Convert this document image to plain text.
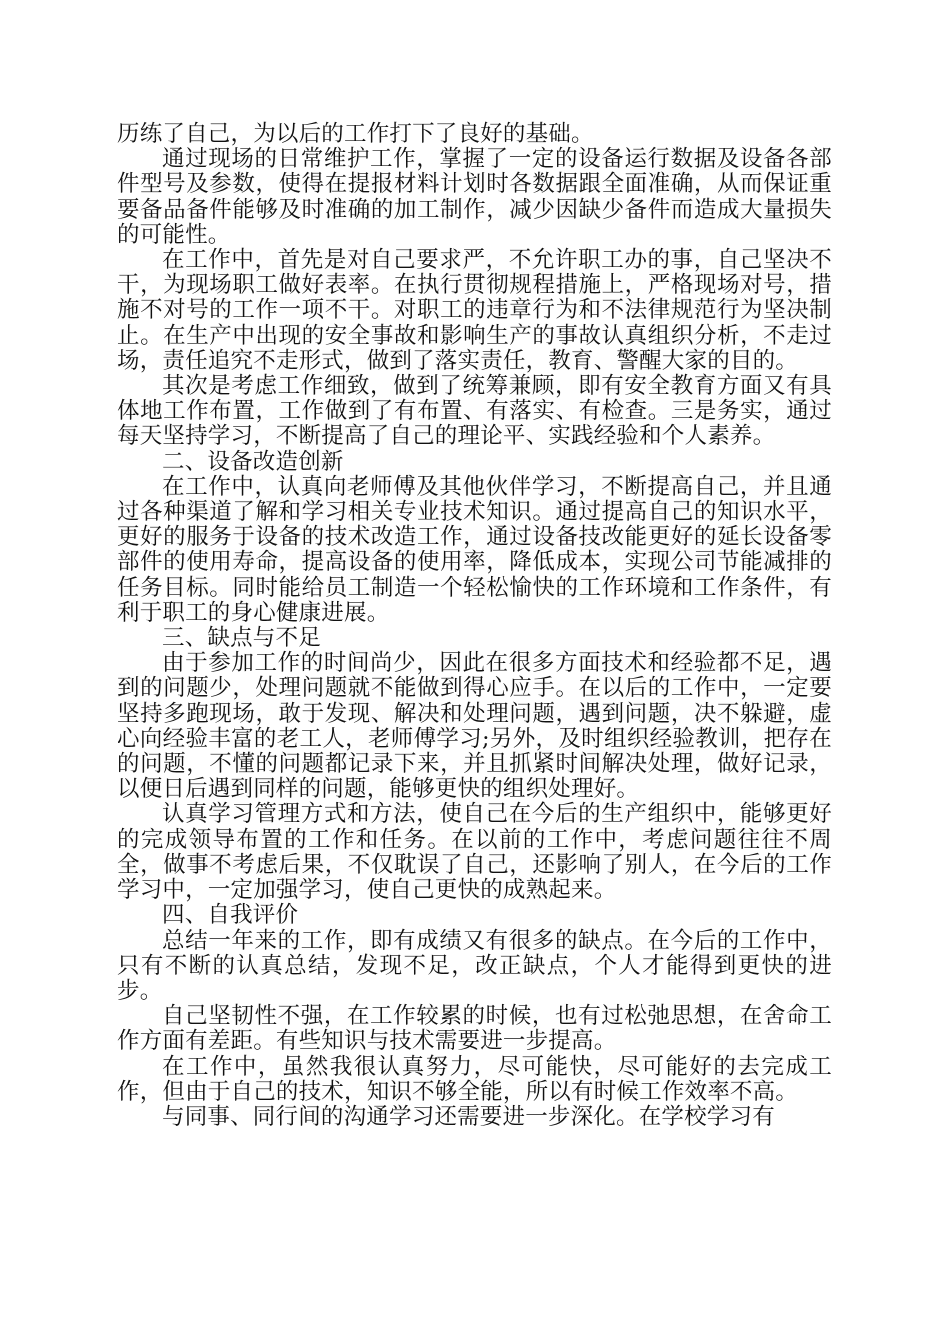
历练了自己，为以后的工作打下了良好的基础。

通过现场的日常维护工作，掌握了一定的设备运行数据及设备各部件型号及参数，使得在提报材料计划时各数据跟全面准确，从而保证重要备品备件能够及时准确的加工制作，减少因缺少备件而造成大量损失的可能性。

在工作中，首先是对自己要求严，不允许职工办的事，自己坚决不干，为现场职工做好表率。在执行贯彻规程措施上，严格现场对号，措施不对号的工作一项不干。对职工的违章行为和不法律规范行为坚决制止。在生产中出现的安全事故和影响生产的事故认真组织分析，不走过场，责任追究不走形式，做到了落实责任，教育、警醒大家的目的。

其次是考虑工作细致，做到了统筹兼顾，即有安全教育方面又有具体地工作布置，工作做到了有布置、有落实、有检查。三是务实，通过每天坚持学习，不断提高了自己的理论平、实践经验和个人素养。

二、设备改造创新

在工作中，认真向老师傅及其他伙伴学习，不断提高自己，并且通过各种渠道了解和学习相关专业技术知识。通过提高自己的知识水平，更好的服务于设备的技术改造工作，通过设备技改能更好的延长设备零部件的使用寿命，提高设备的使用率，降低成本，实现公司节能减排的任务目标。同时能给员工制造一个轻松愉快的工作环境和工作条件，有利于职工的身心健康进展。

三、缺点与不足

由于参加工作的时间尚少，因此在很多方面技术和经验都不足，遇到的问题少，处理问题就不能做到得心应手。在以后的工作中，一定要坚持多跑现场，敢于发现、解决和处理问题，遇到问题，决不躲避，虚心向经验丰富的老工人，老师傅学习;另外，及时组织经验教训，把存在的问题，不懂的问题都记录下来，并且抓紧时间解决处理，做好记录，以便日后遇到同样的问题，能够更快的组织处理好。

认真学习管理方式和方法，使自己在今后的生产组织中，能够更好的完成领导布置的工作和任务。在以前的工作中，考虑问题往往不周全，做事不考虑后果，不仅耽误了自己，还影响了别人，在今后的工作学习中，一定加强学习，使自己更快的成熟起来。

四、自我评价

总结一年来的工作，即有成绩又有很多的缺点。在今后的工作中，只有不断的认真总结，发现不足，改正缺点，个人才能得到更快的进步。

自己坚韧性不强，在工作较累的时候，也有过松弛思想，在舍命工作方面有差距。有些知识与技术需要进一步提高。

在工作中，虽然我很认真努力，尽可能快，尽可能好的去完成工作，但由于自己的技术，知识不够全能，所以有时候工作效率不高。

与同事、同行间的沟通学习还需要进一步深化。在学校学习有
